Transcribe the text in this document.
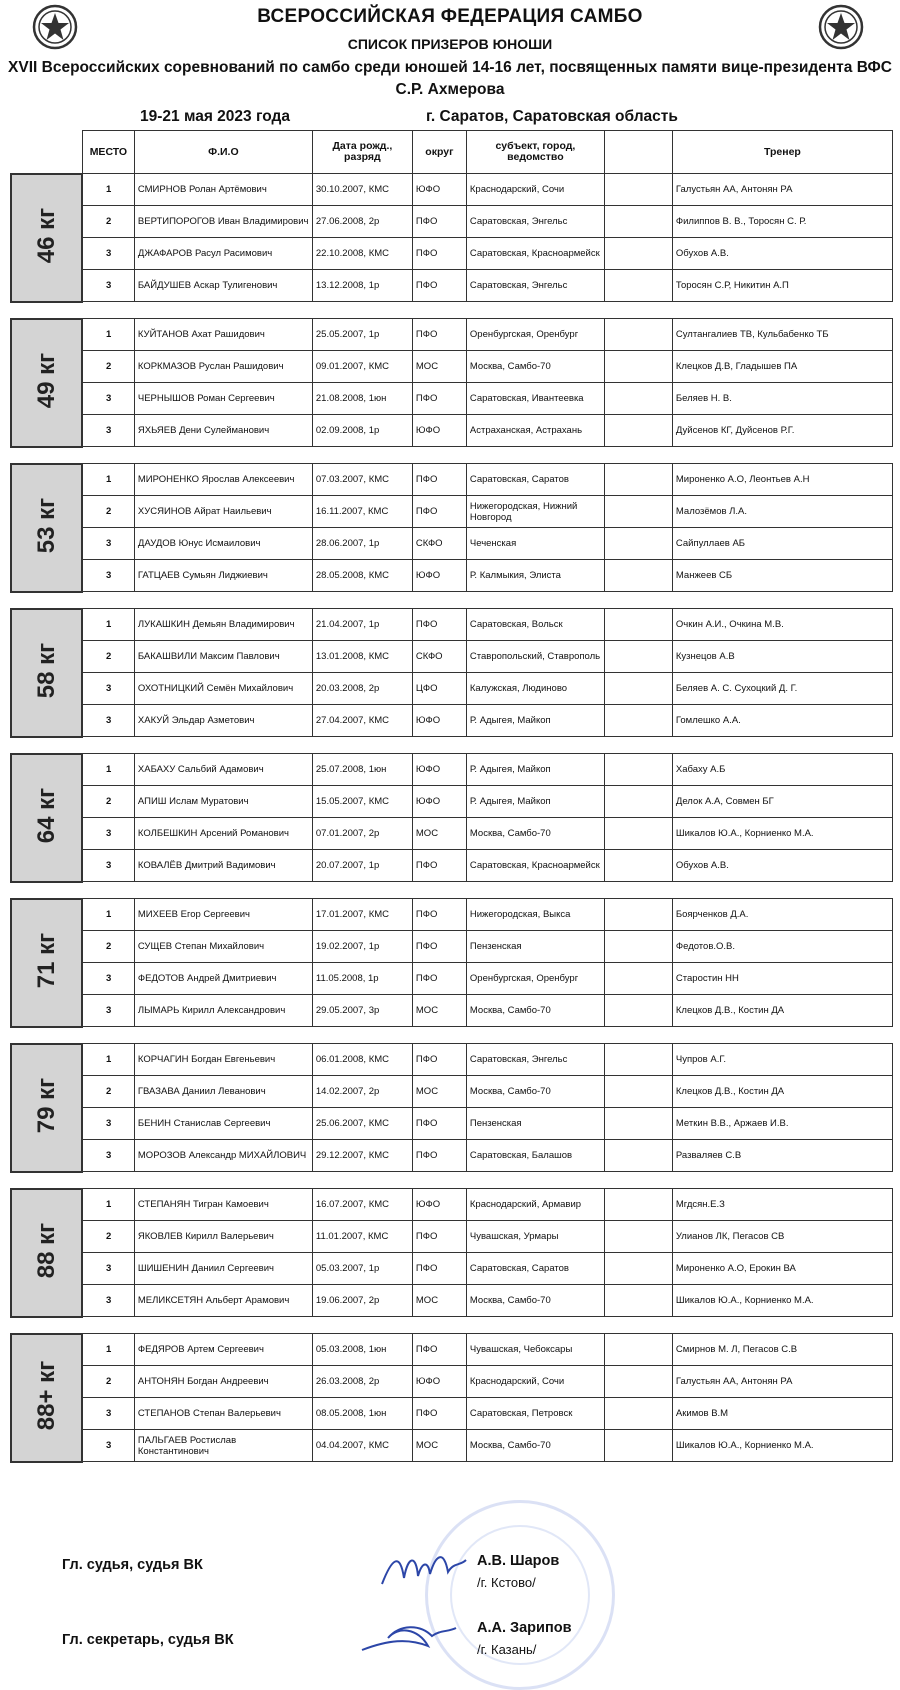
ВСЕРОССИЙСКАЯ ФЕДЕРАЦИЯ САМБО
СПИСОК ПРИЗЕРОВ ЮНОШИ
XVII Всероссийских соревнований по самбо среди юношей 14-16 лет, посвященных памяти вице-президента ВФС С.Р. Ахмерова
19-21 мая 2023 года	г. Саратов, Саратовская область
	МЕСТО	Ф.И.О	Дата рожд., разряд	округ	субъект, город, ведомство		Тренер
46 кг	1	СМИРНОВ Ролан Артёмович	30.10.2007, КМС	ЮФО	Краснодарский, Сочи		Галустьян АА, Антонян РА
	2	ВЕРТИПОРОГОВ Иван Владимирович	27.06.2008, 2р	ПФО	Саратовская, Энгельс		Филиппов В. В., Торосян С. Р.
	3	ДЖАФАРОВ Расул Расимович	22.10.2008, КМС	ПФО	Саратовская, Красноармейск		Обухов А.В.
	3	БАЙДУШЕВ Аскар Тулигенович	13.12.2008, 1р	ПФО	Саратовская, Энгельс		Торосян С.Р, Никитин А.П

49 кг	1	КУЙТАНОВ Ахат Рашидович	25.05.2007, 1р	ПФО	Оренбургская, Оренбург		Султангалиев ТВ, Кульбабенко ТБ
	2	КОРКМАЗОВ Руслан Рашидович	09.01.2007, КМС	МОС	Москва, Самбо-70		Клецков Д.В, Гладышев ПА
	3	ЧЕРНЫШОВ Роман Сергеевич	21.08.2008, 1юн	ПФО	Саратовская, Ивантеевка		Беляев Н. В.
	3	ЯХЬЯЕВ Дени Сулейманович	02.09.2008, 1р	ЮФО	Астраханская, Астрахань		Дуйсенов КГ, Дуйсенов Р.Г.

53 кг	1	МИРОНЕНКО Ярослав Алексеевич	07.03.2007, КМС	ПФО	Саратовская, Саратов		Мироненко А.О, Леонтьев А.Н
	2	ХУСЯИНОВ Айрат Наильевич	16.11.2007, КМС	ПФО	Нижегородская, Нижний Новгород		Малозёмов Л.А.
	3	ДАУДОВ Юнус Исмаилович	28.06.2007, 1р	СКФО	Чеченская		Сайпуллаев АБ
	3	ГАТЦАЕВ Сумьян Лиджиевич	28.05.2008, КМС	ЮФО	Р. Калмыкия, Элиста		Манжеев СБ

58 кг	1	ЛУКАШКИН Демьян Владимирович	21.04.2007, 1р	ПФО	Саратовская, Вольск		Очкин А.И., Очкина М.В.
	2	БАКАШВИЛИ Максим Павлович	13.01.2008, КМС	СКФО	Ставропольский, Ставрополь		Кузнецов А.В
	3	ОХОТНИЦКИЙ Семён Михайлович	20.03.2008, 2р	ЦФО	Калужская, Людиново		Беляев А. С. Сухоцкий Д. Г.
	3	ХАКУЙ Эльдар Азметович	27.04.2007, КМС	ЮФО	Р. Адыгея, Майкоп		Гомлешко А.А.

64 кг	1	ХАБАХУ Сальбий Адамович	25.07.2008, 1юн	ЮФО	Р. Адыгея, Майкоп		Хабаху А.Б
	2	АПИШ Ислам Муратович	15.05.2007, КМС	ЮФО	Р. Адыгея, Майкоп		Делок А.А, Совмен БГ
	3	КОЛБЕШКИН Арсений Романович	07.01.2007, 2р	МОС	Москва, Самбо-70		Шикалов Ю.А., Корниенко М.А.
	3	КОВАЛЁВ Дмитрий Вадимович	20.07.2007, 1р	ПФО	Саратовская, Красноармейск		Обухов А.В.

71 кг	1	МИХЕЕВ Егор Сергеевич	17.01.2007, КМС	ПФО	Нижегородская, Выкса		Боярченков Д.А.
	2	СУЩЕВ Степан Михайлович	19.02.2007, 1р	ПФО	Пензенская		Федотов.О.В.
	3	ФЕДОТОВ Андрей Дмитриевич	11.05.2008, 1р	ПФО	Оренбургская, Оренбург		Старостин НН
	3	ЛЫМАРЬ Кирилл Александрович	29.05.2007, 3р	МОС	Москва, Самбо-70		Клецков Д.В., Костин ДА

79 кг	1	КОРЧАГИН Богдан Евгеньевич	06.01.2008, КМС	ПФО	Саратовская, Энгельс		Чупров А.Г.
	2	ГВАЗАВА Даниил Леванович	14.02.2007, 2р	МОС	Москва, Самбо-70		Клецков Д.В., Костин ДА
	3	БЕНИН Станислав Сергеевич	25.06.2007, КМС	ПФО	Пензенская		Меткин В.В., Аржаев И.В.
	3	МОРОЗОВ Александр МИХАЙЛОВИЧ	29.12.2007, КМС	ПФО	Саратовская, Балашов		Разваляев С.В

88 кг	1	СТЕПАНЯН Тигран Камоевич	16.07.2007, КМС	ЮФО	Краснодарский, Армавир		Мгдсян.Е.З
	2	ЯКОВЛЕВ Кирилл Валерьевич	11.01.2007, КМС	ПФО	Чувашская, Урмары		Улианов ЛК, Пегасов СВ
	3	ШИШЕНИН Даниил Сергеевич	05.03.2007, 1р	ПФО	Саратовская, Саратов		Мироненко А.О, Ерокин ВА
	3	МЕЛИКСЕТЯН Альберт Арамович	19.06.2007, 2р	МОС	Москва, Самбо-70		Шикалов Ю.А., Корниенко М.А.

88+ кг	1	ФЕДЯРОВ Артем Сергеевич	05.03.2008, 1юн	ПФО	Чувашская, Чебоксары		Смирнов М. Л, Пегасов С.В
	2	АНТОНЯН Богдан Андреевич	26.03.2008, 2р	ЮФО	Краснодарский, Сочи		Галустьян АА, Антонян РА
	3	СТЕПАНОВ Степан Валерьевич	08.05.2008, 1юн	ПФО	Саратовская, Петровск		Акимов В.М
	3	ПАЛЬГАЕВ Ростислав Константинович	04.04.2007, КМС	МОС	Москва, Самбо-70		Шикалов Ю.А., Корниенко М.А.
Гл. судья, судья ВК	А.В. Шаров
/г. Кстово/
Гл. секретарь, судья ВК
А.А. Зарипов
/г. Казань/
